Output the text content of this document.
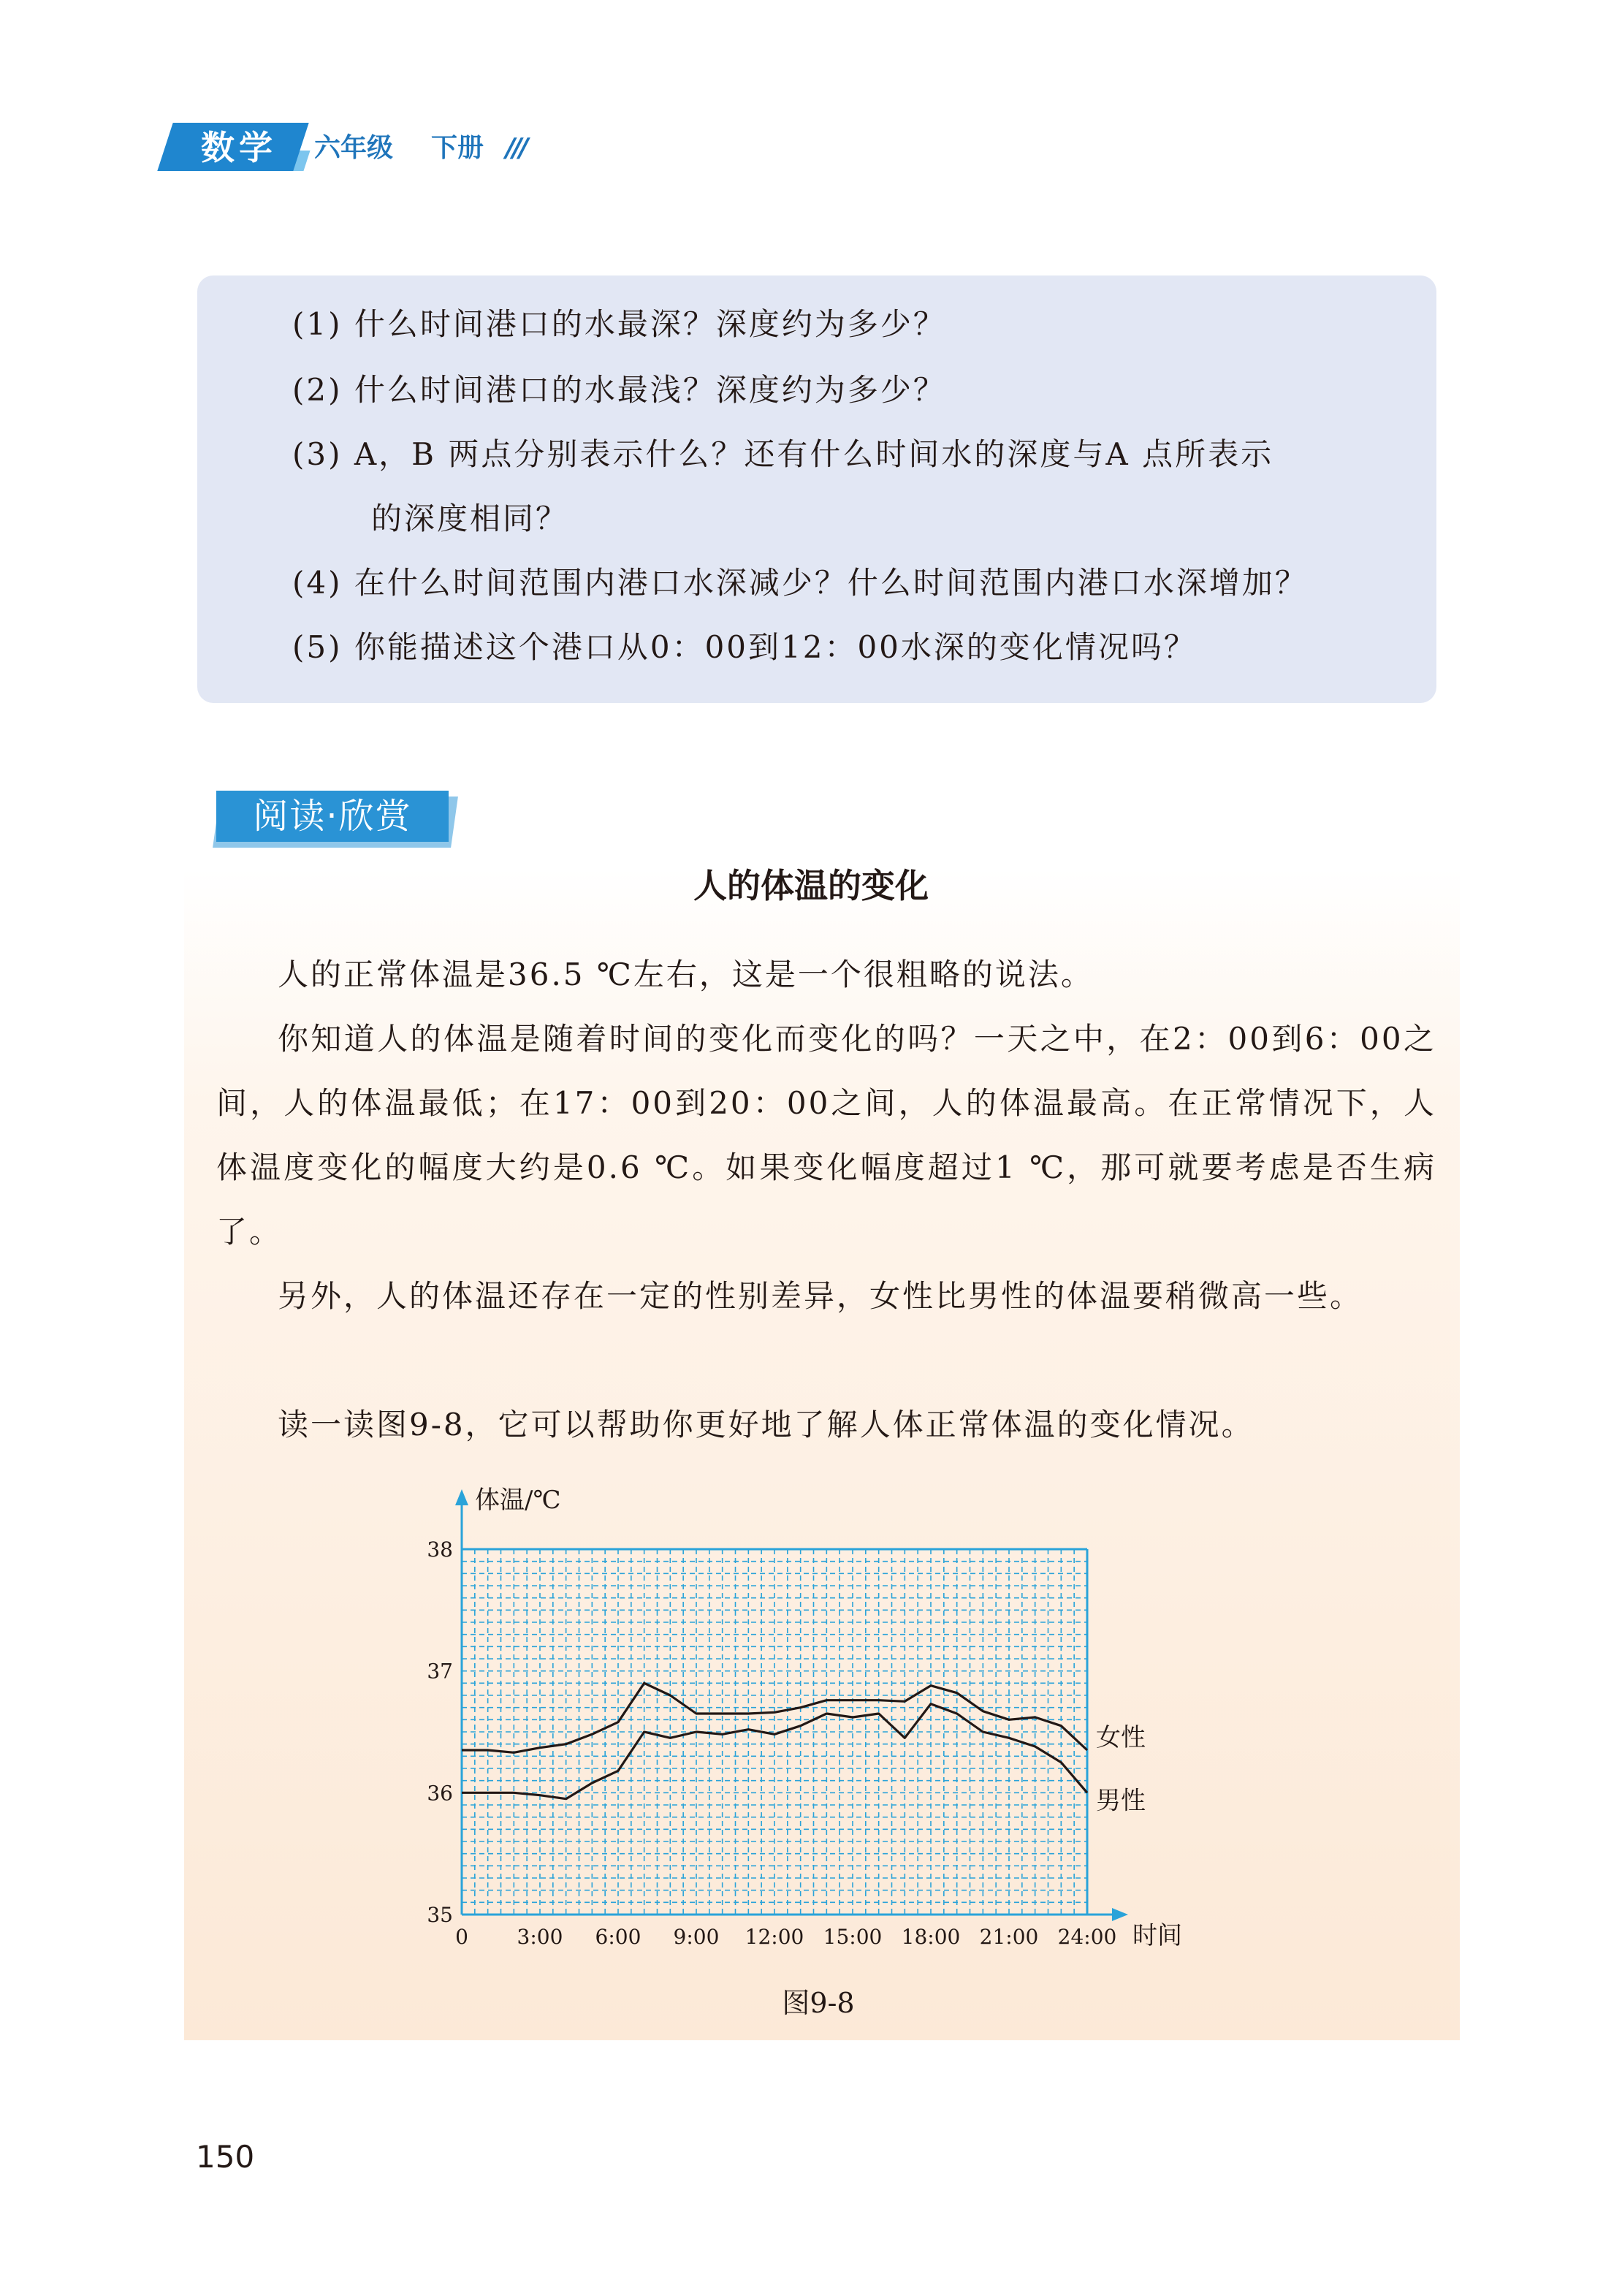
数学	六年级 下册 ///
(1) 什么时间港口的水最深？深度约为多少？
(2) 什么时间港口的水最浅？深度约为多少？
(3) A，B 两点分别表示什么？还有什么时间水的深度与A 点所表示
的深度相同？
(4) 在什么时间范围内港口水深减少？什么时间范围内港口水深增加？
(5) 你能描述这个港口从0：00到12：00水深的变化情况吗？
阅读·欣赏
人的体温的变化
人的正常体温是36.5 ℃左右，这是一个很粗略的说法。
你知道人的体温是随着时间的变化而变化的吗？一天之中，在2：00到6：00之间，人的体温最低；在17：00到20：00之间，人的体温最高。在正常情况下，人体温度变化的幅度大约是0.6 ℃。如果变化幅度超过1 ℃，那可就要考虑是否生病了。
另外，人的体温还存在一定的性别差异，女性比男性的体温要稍微高一些。
读一读图9-8，它可以帮助你更好地了解人体正常体温的变化情况。
35
36
37
38
0 3:00 6:00 9:00 12:00 15:00 18:00 21:00 24:00
体温/℃
时间
女性
男性
图9-8
150
